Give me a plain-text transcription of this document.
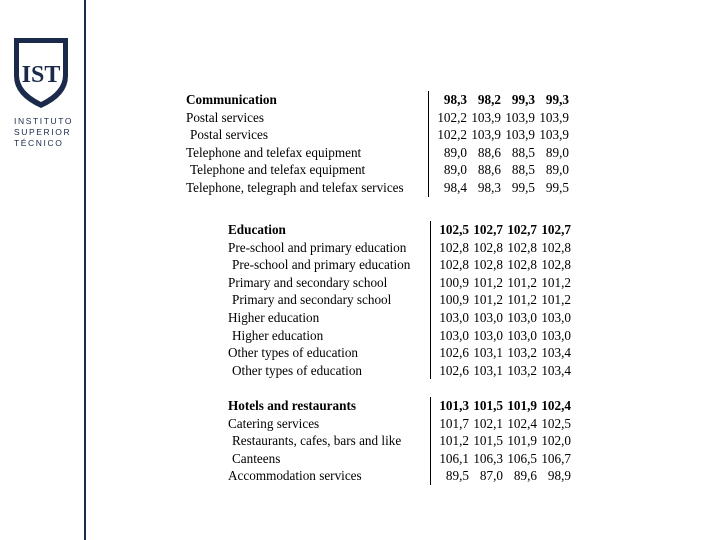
IST
INSTITUTO
SUPERIOR
TÉCNICO
Communication
Postal services
Postal services
Telephone and telefax equipment
Telephone and telefax equipment
Telephone, telegraph and telefax services
98,3 98,2 99,3 99,3
102,2 103,9 103,9 103,9
102,2 103,9 103,9 103,9
89,0 88,6 88,5 89,0
89,0 88,6 88,5 89,0
98,4 98,3 99,5 99,5
Education
Pre-school and primary education
Pre-school and primary education
Primary and secondary school
Primary and secondary school
Higher education
Higher education
Other types of education
Other types of education
102,5 102,7 102,7 102,7
102,8 102,8 102,8 102,8
102,8 102,8 102,8 102,8
100,9 101,2 101,2 101,2
100,9 101,2 101,2 101,2
103,0 103,0 103,0 103,0
103,0 103,0 103,0 103,0
102,6 103,1 103,2 103,4
102,6 103,1 103,2 103,4
Hotels and restaurants
Catering services
Restaurants, cafes, bars and like
Canteens
Accommodation services
101,3 101,5 101,9 102,4
101,7 102,1 102,4 102,5
101,2 101,5 101,9 102,0
106,1 106,3 106,5 106,7
89,5 87,0 89,6 98,9
